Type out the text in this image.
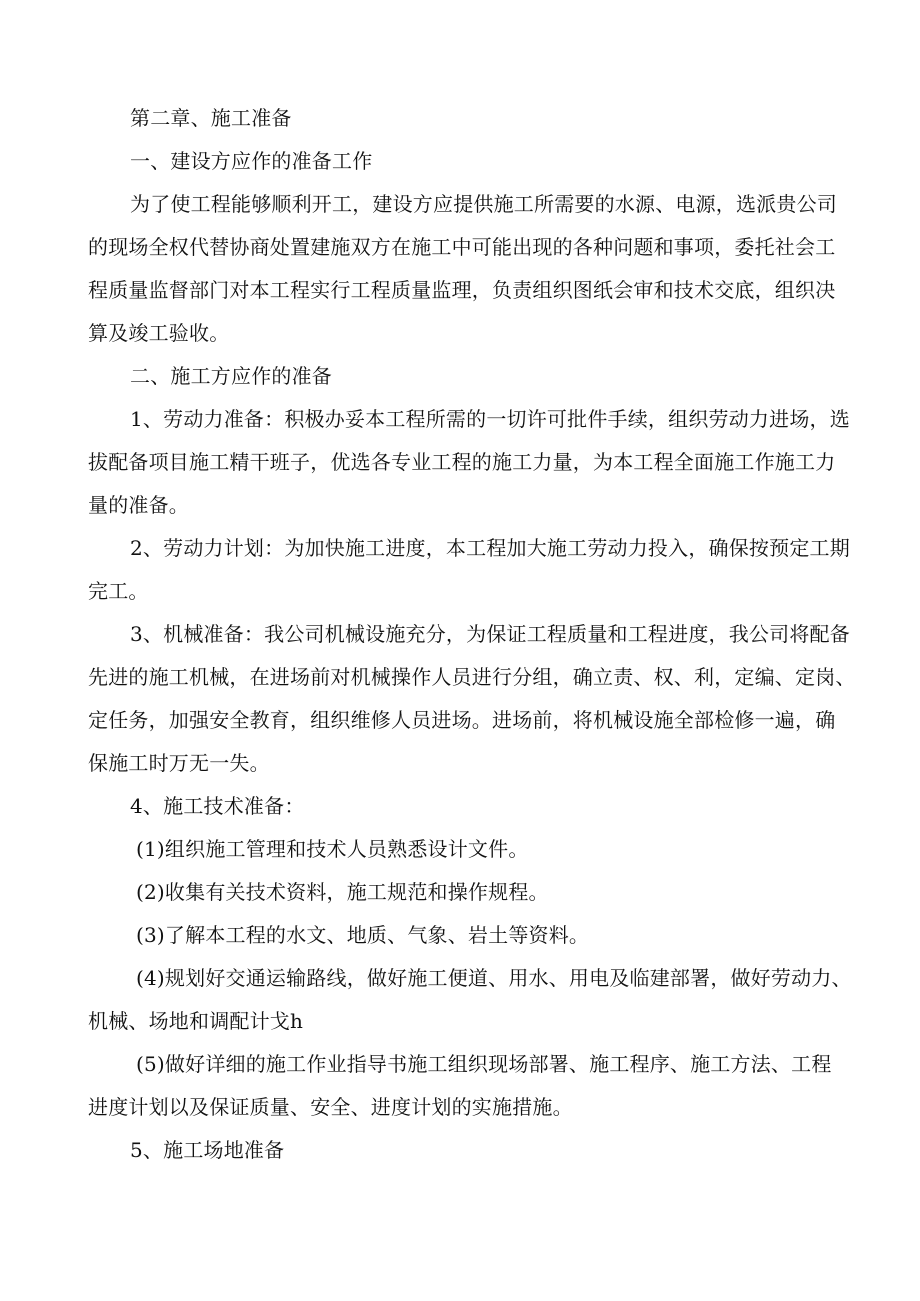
第二章、施工准备
一、建设方应作的准备工作
为了使工程能够顺利开工，建设方应提供施工所需要的水源、电源，选派贵公司
的现场全权代替协商处置建施双方在施工中可能出现的各种问题和事项，委托社会工
程质量监督部门对本工程实行工程质量监理，负责组织图纸会审和技术交底，组织决
算及竣工验收。
二、施工方应作的准备
1、劳动力准备：积极办妥本工程所需的一切许可批件手续，组织劳动力进场，选
拔配备项目施工精干班子，优选各专业工程的施工力量，为本工程全面施工作施工力
量的准备。
2、劳动力计划：为加快施工进度，本工程加大施工劳动力投入，确保按预定工期
完工。
3、机械准备：我公司机械设施充分，为保证工程质量和工程进度，我公司将配备
先进的施工机械，在进场前对机械操作人员进行分组，确立责、权、利，定编、定岗、
定任务，加强安全教育，组织维修人员进场。进场前，将机械设施全部检修一遍，确
保施工时万无一失。
4、施工技术准备：
(1)组织施工管理和技术人员熟悉设计文件。
(2)收集有关技术资料，施工规范和操作规程。
(3)了解本工程的水文、地质、气象、岩土等资料。
(4)规划好交通运输路线，做好施工便道、用水、用电及临建部署，做好劳动力、
机械、场地和调配计戈h
(5)做好详细的施工作业指导书施工组织现场部署、施工程序、施工方法、工程
进度计划以及保证质量、安全、进度计划的实施措施。
5、施工场地准备
